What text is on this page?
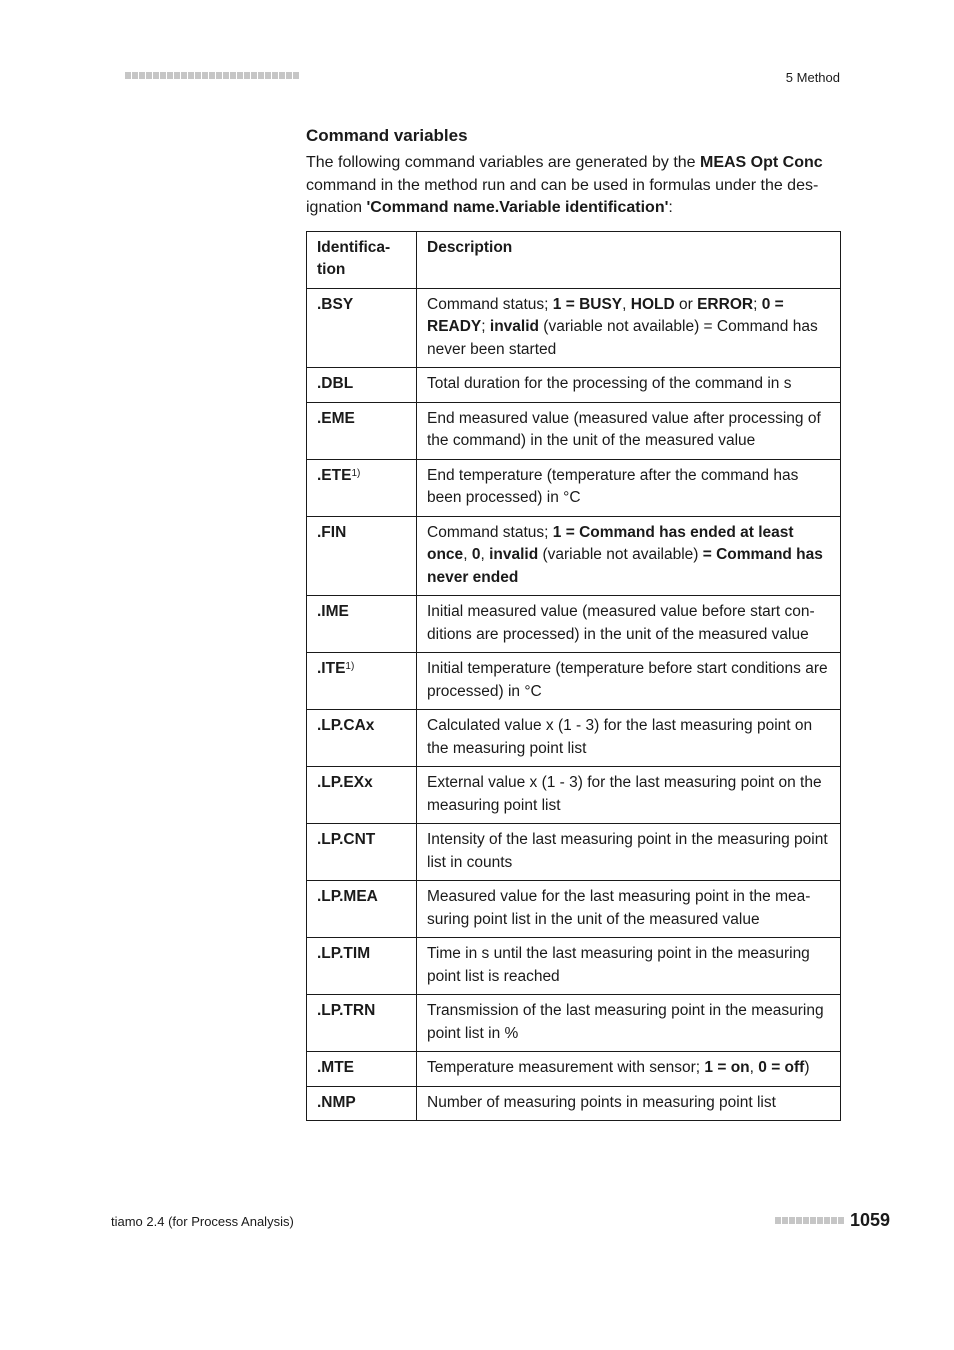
5 Method
Command variables

The following command variables are generated by the MEAS Opt Conc command in the method run and can be used in formulas under the designation 'Command name.Variable identification':

Identification	Description
.BSY	Command status; 1 = BUSY, HOLD or ERROR; 0 = READY; invalid (variable not available) = Command has never been started
.DBL	Total duration for the processing of the command in s
.EME	End measured value (measured value after processing of the command) in the unit of the measured value
.ETE$^{1)}$	End temperature (temperature after the command has been processed) in °C
.FIN	Command status; 1 = Command has ended at least once, 0, invalid (variable not available) = Command has never ended
.IME	Initial measured value (measured value before start conditions are processed) in the unit of the measured value
.ITE$^{1)}$	Initial temperature (temperature before start conditions are processed) in °C
.LP.CAx	Calculated value x (1 - 3) for the last measuring point on the measuring point list
.LP.EXx	External value x (1 - 3) for the last measuring point on the measuring point list
.LP.CNT	Intensity of the last measuring point in the measuring point list in counts
.LP.MEA	Measured value for the last measuring point in the measuring point list in the unit of the measured value
.LP.TIM	Time in s until the last measuring point in the measuring point list is reached
.LP.TRN	Transmission of the last measuring point in the measuring point list in %
.MTE	Temperature measurement with sensor; 1 = on, 0 = off)
.NMP	Number of measuring points in measuring point list
tiamo 2.4 (for Process Analysis)	1059
